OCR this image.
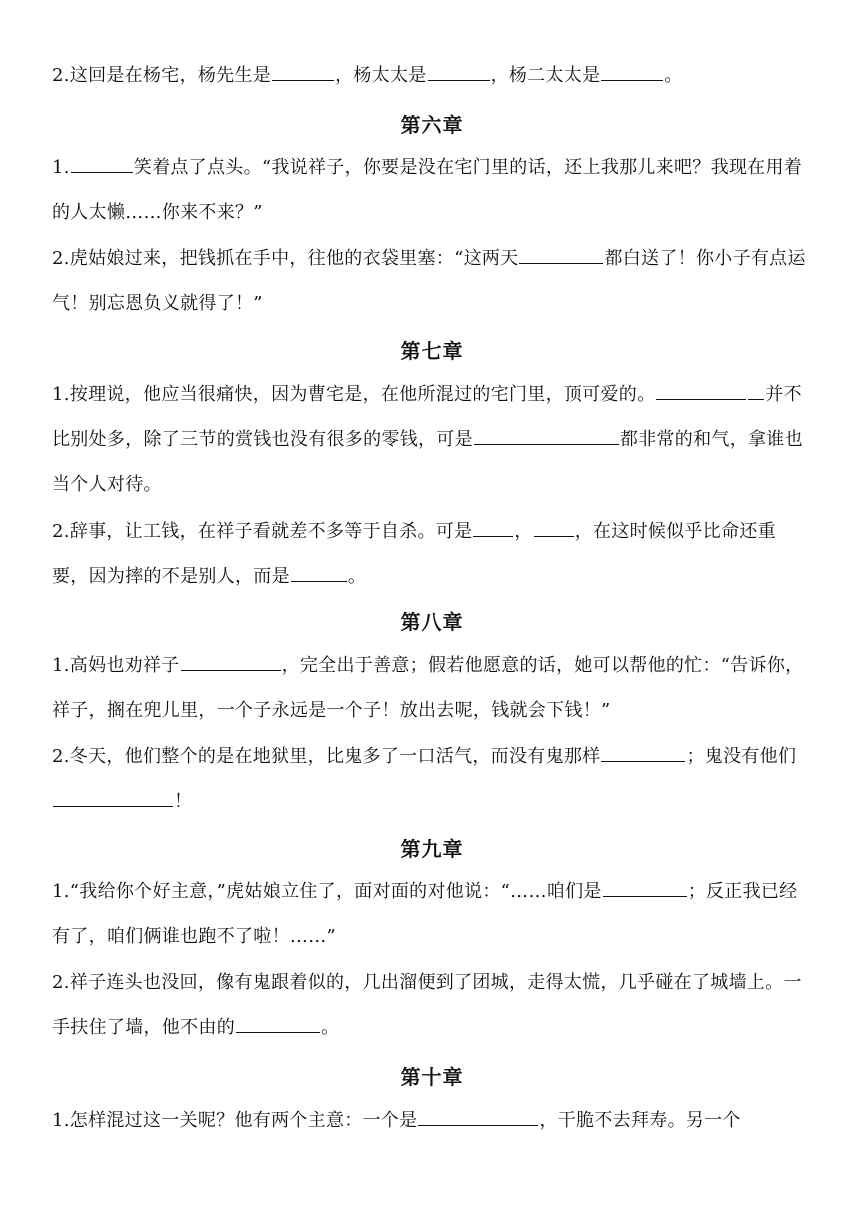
2.这回是在杨宅，杨先生是	，杨太太是	，杨二太太是	。
第六章
1.	笑着点了点头。“我说祥子，你要是没在宅门里的话，还上我那儿来吧？我现在用着的人太懒……你来不来？”
2.虎姑娘过来，把钱抓在手中，往他的衣袋里塞：“这两天	都白送了！你小子有点运气！别忘恩负义就得了！”
第七章
1.按理说，他应当很痛快，因为曹宅是，在他所混过的宅门里，顶可爱的。	并不比别处多，除了三节的赏钱也没有很多的零钱，可是	都非常的和气，拿谁也当个人对待。
2.辞事，让工钱，在祥子看就差不多等于自杀。可是 ， ，在这时候似乎比命还重要，因为摔的不是别人，而是	。
第八章
1.高妈也劝祥子	，完全出于善意；假若他愿意的话，她可以帮他的忙：“告诉你，祥子，搁在兜儿里，一个子永远是一个子！放出去呢，钱就会下钱！”
2.冬天，他们整个的是在地狱里，比鬼多了一口活气，而没有鬼那样	；鬼没有他们！
第九章
1.“我给你个好主意，”虎姑娘立住了，面对面的对他说：“……咱们是	；反正我已经有了，咱们俩谁也跑不了啦！……”
2.祥子连头也没回，像有鬼跟着似的，几出溜便到了团城，走得太慌，几乎碰在了城墙上。一手扶住了墙，他不由的	。
第十章
1.怎样混过这一关呢？他有两个主意：一个是	，干脆不去拜寿。另一个
